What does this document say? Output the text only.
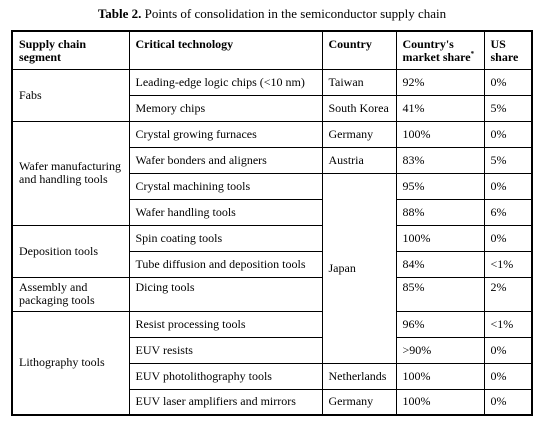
Table 2. Points of consolidation in the semiconductor supply chain
Supply chain segment	Critical technology	Country	Country's market share*	US share
Fabs	Leading-edge logic chips (<10 nm)	Taiwan	92%	0%
	Memory chips	South Korea	41%	5%
Wafer manufacturing and handling tools	Crystal growing furnaces	Germany	100%	0%
	Wafer bonders and aligners	Austria	83%	5%
	Crystal machining tools	Japan	95%	0%
	Wafer handling tools		88%	6%
Deposition tools	Spin coating tools		100%	0%
	Tube diffusion and deposition tools		84%	<1%
Assembly and packaging tools	Dicing tools		85%	2%
Lithography tools	Resist processing tools		96%	<1%
	EUV resists		>90%	0%
	EUV photolithography tools	Netherlands	100%	0%
	EUV laser amplifiers and mirrors	Germany	100%	0%
